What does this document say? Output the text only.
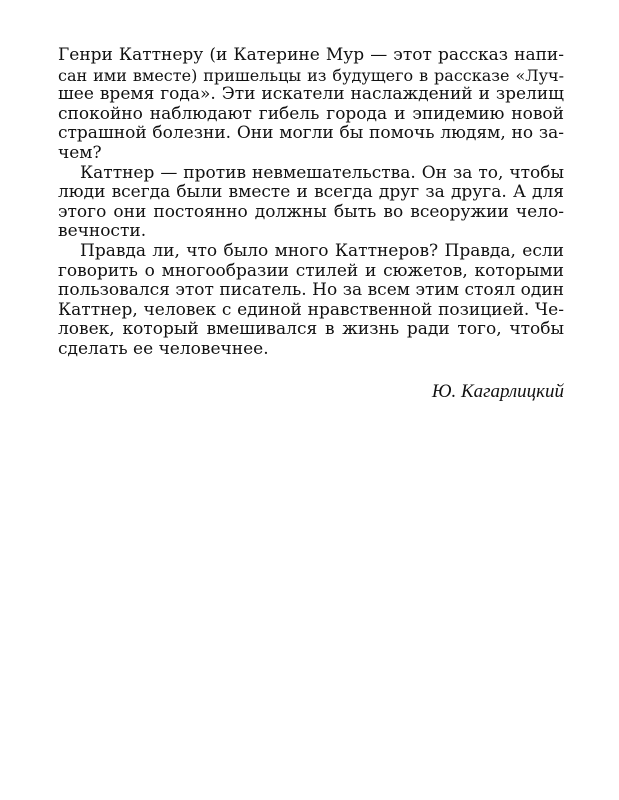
Генри Каттнеру (и Катерине Мур — этот рассказ напи-
сан ими вместе) пришельцы из будущего в рассказе «Луч-
шее время года». Эти искатели наслаждений и зрелищ
спокойно наблюдают гибель города и эпидемию новой
страшной болезни. Они могли бы помочь людям, но за-
чем?
Каттнер — против невмешательства. Он за то, чтобы
люди всегда были вместе и всегда друг за друга. А для
этого они постоянно должны быть во всеоружии чело-
вечности.
Правда ли, что было много Каттнеров? Правда, если
говорить о многообразии стилей и сюжетов, которыми
пользовался этот писатель. Но за всем этим стоял один
Каттнер, человек с единой нравственной позицией. Че-
ловек, который вмешивался в жизнь ради того, чтобы
сделать ее человечнее.
Ю. Кагарлицкий
